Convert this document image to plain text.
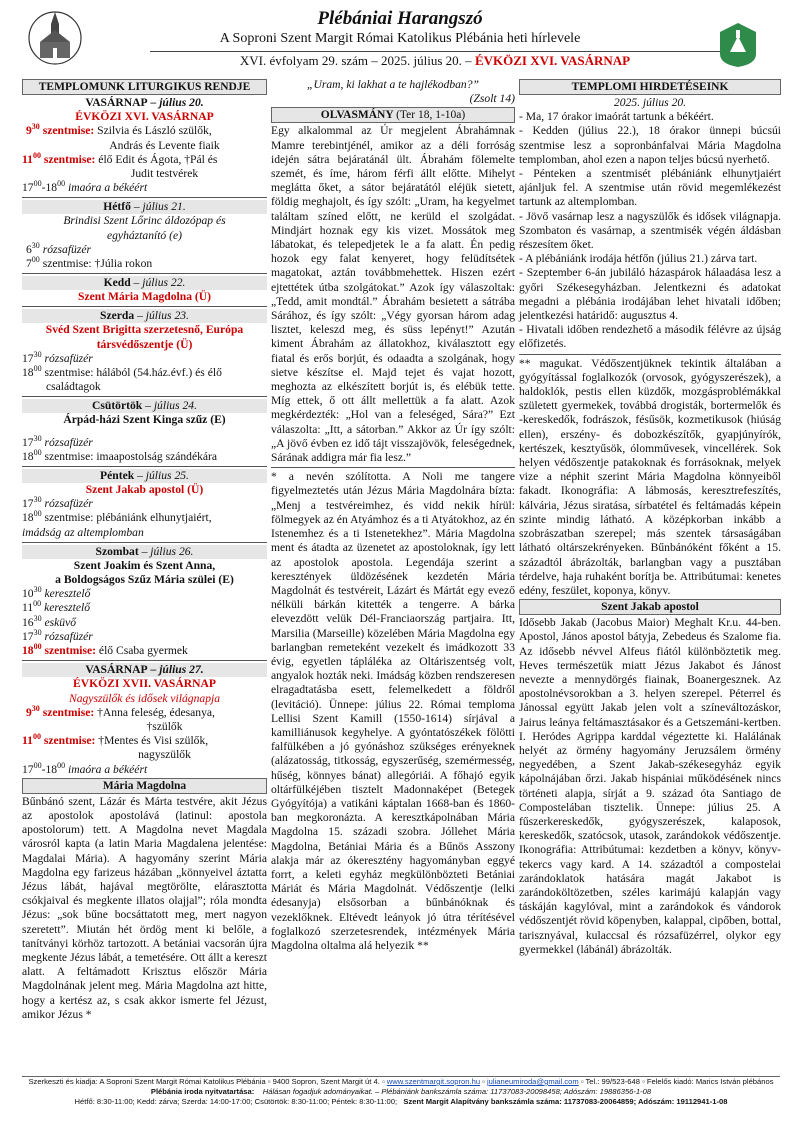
Plébániai Harangszó
A Soproni Szent Margit Római Katolikus Plébánia heti hírlevele
XVI. évfolyam 29. szám – 2025. július 20. – ÉVKÖZI XVI. VASÁRNAP
TEMPLOMUNK LITURGIKUS RENDJE
VASÁRNAP – július 20.
ÉVKÖZI XVI. VASÁRNAP
$9^{30}$ szentmise: Szilvia és László szülők,
András és Levente fiaik
$11^{00}$ szentmise: élő Edit és Ágota, †Pál és
Judit testvérek
$17^{00}-18^{00}$ imaóra a békéért
Hétfő – július 21.
Brindisi Szent Lőrinc áldozópap és egyháztanító (e)
$6^{30}$ rózsafüzér
$7^{00}$ szentmise: †Júlia rokon
Kedd – július 22.
Szent Mária Magdolna (Ü)
Szerda – július 23.
Svéd Szent Brigitta szerzetesnő, Európa társvédőszentje (Ü)
$17^{30}$ rózsafüzér
$18^{00}$ szentmise: hálából (54.ház.évf.) és élő
családtagok
Csütörtök – július 24.
Árpád-házi Szent Kinga szűz (E)
$17^{30}$ rózsafüzér
$18^{00}$ szentmise: imaapostolság szándékára
Péntek – július 25.
Szent Jakab apostol (Ü)
$17^{30}$ rózsafüzér
$18^{00}$ szentmise: plébániánk elhunytjaiért,
imádság az altemplomban
Szombat – július 26.
Szent Joakim és Szent Anna,
a Boldogságos Szűz Mária szülei (E)
$10^{30}$ keresztelő
$11^{00}$ keresztelő
$16^{30}$ esküvő
$17^{30}$ rózsafüzér
$18^{00}$ szentmise: élő Csaba gyermek
VASÁRNAP – július 27.
ÉVKÖZI XVII. VASÁRNAP
Nagyszülők és idősek világnapja
$9^{30}$ szentmise: †Anna feleség, édesanya,
†szülők
$11^{00}$ szentmise: †Mentes és Visi szülők,
nagyszülők
$17^{00}-18^{00}$ imaóra a békéért
Mária Magdolna

Bűnbánó szent, Lázár és Márta testvére, akit Jézus az apostolok apostolává (latinul: apostola apostolorum) tett. A Magdolna nevet Magdala városról kapta (a latin Maria Magdalena jelentése: Magdalai Mária). A hagyomány szerint Mária Magdolna egy farizeus házában „könnyeivel áztatta Jézus lábát, hajával megtörölte, elárasztotta csókjaival és megkente illatos olajjal”; róla mondta Jézus: „sok bűne bocsáttatott meg, mert nagyon szeretett”. Miután hét ördög ment ki belőle, a tanítványi körhöz tartozott. A betániai vacsorán újra megkente Jézus lábát, a temetésére. Ott állt a kereszt alatt. A feltámadott Krisztus először Mária Magdolnának jelent meg. Mária Magdolna azt hitte, hogy a kertész az, s csak akkor ismerte fel Jézust, amikor Jézus *

„Uram, ki lakhat a te hajlékodban?”
(Zsolt 14)
OLVASMÁNY (Ter 18, 1-10a)

Egy alkalommal az Úr megjelent Ábrahámnak Mamre terebintjénél, amikor az a déli forróság idején sátra bejáratánál ült. Ábrahám fölemelte szemét, és íme, három férfi állt előtte. Mihelyt meglátta őket, a sátor bejáratától eléjük sietett, földig meghajolt, és így szólt: „Uram, ha kegyelmet találtam színed előtt, ne kerüld el szolgádat. Mindjárt hoznak egy kis vizet. Mossátok meg lábatokat, és telepedjetek le a fa alatt. Én pedig hozok egy falat kenyeret, hogy felüdítsétek magatokat, aztán továbbmehettek. Hiszen ezért ejtettétek útba szolgátokat.” Azok így válaszoltak: „Tedd, amit mondtál.” Ábrahám besietett a sátrába Sárához, és így szólt: „Végy gyorsan három adag lisztet, keleszd meg, és süss lepényt!” Azután kiment Ábrahám az állatokhoz, kiválasztott egy fiatal és erős borjút, és odaadta a szolgának, hogy sietve készítse el. Majd tejet és vajat hozott, meghozta az elkészített borjút is, és elébük tette. Míg ettek, ő ott állt mellettük a fa alatt. Azok megkérdezték: „Hol van a feleséged, Sára?” Ezt válaszolta: „Itt, a sátorban.” Akkor az Úr így szólt: „A jövő évben ez idő tájt visszajövök, feleségednek, Sárának addigra már fia lesz.”

* a nevén szólította. A Noli me tangere figyelmeztetés után Jézus Mária Magdolnára bízta: „Menj a testvéreimhez, és vidd nekik hírül: fölmegyek az én Atyámhoz és a ti Atyátokhoz, az én Istenemhez és a ti Istenetekhez”. Mária Magdolna ment és átadta az üzenetet az apostoloknak, így lett az apostolok apostola. Legendája szerint a keresztények üldözésének kezdetén Mária Magdolnát és testvéreit, Lázárt és Mártát egy evező nélküli bárkán kitették a tengerre. A bárka elevezdött velük Dél-Franciaország partjaira. Itt, Marsilia (Marseille) közelében Mária Magdolna egy barlangban remeteként vezekelt és imádkozott 33 évig, egyetlen tápláléka az Oltáriszentség volt, angyalok hozták neki. Imádság közben rendszeresen elragadtatásba esett, felemelkedett a földről (levitáció). Ünnepe: július 22. Római temploma Lellisi Szent Kamill (1550-1614) sírjával a kamilliánusok kegyhelye. A gyóntatószékek fölötti falfülkében a jó gyónáshoz szükséges erényeknek (alázatosság, titkosság, egyszerűség, szemérmesség, hűség, könnyes bánat) allegóriái. A főhajó egyik oltárfülkéjében tisztelt Madonnaképet (Betegek Gyógyítója) a vatikáni káptalan 1668-ban és 1860-ban megkoronázta. A keresztkápolnában Mária Magdolna 15. századi szobra. Jóllehet Mária Magdolna, Betániai Mária és a Bűnös Asszony alakja már az ókeresztény hagyományban eggyé forrt, a keleti egyház megkülönbözteti Betániai Máriát és Mária Magdolnát. Védőszentje (lelki édesanyja) elsősorban a bűnbánóknak és vezeklőknek. Eltévedt leányok jó útra térítésével foglalkozó szerzetesrendek, intézmények Mária Magdolna oltalma alá helyezik **

TEMPLOMI HIRDETÉSEINK
2025. július 20.

- Ma, 17 órakor imaórát tartunk a békéért.

- Kedden (július 22.), 18 órakor ünnepi búcsúi szentmise lesz a sopronbánfalvai Mária Magdolna templomban, ahol ezen a napon teljes búcsú nyerhető.

- Pénteken a szentmisét plébániánk elhunytjaiért ajánljuk fel. A szentmise után rövid megemlékezést tartunk az altemplomban.

- Jövő vasárnap lesz a nagyszülők és idősek világnapja. Szombaton és vasárnap, a szentmisék végén áldásban részesítem őket.

- A plébániánk irodája hétfőn (július 21.) zárva tart.

- Szeptember 6-án jubiláló házaspárok hálaadása lesz a győri Székesegyházban. Jelentkezni és adatokat megadni a plébánia irodájában lehet hivatali időben; jelentkezési határidő: augusztus 4.

- Hivatali időben rendezhető a második félévre az újság előfizetés.

** magukat. Védőszentjüknek tekintik általában a gyógyítással foglalkozók (orvosok, gyógyszerészek), a haldoklók, pestis ellen küzdők, mozgásproblémákkal született gyermekek, továbbá drogisták, bortermelők és -kereskedők, fodrászok, fésűsök, kozmetikusok (hiúság ellen), erszény- és dobozkészítők, gyapjúnyírók, kertészek, kesztyűsök, ólomművesek, vincellérek. Sok helyen védőszentje patakoknak és forrásoknak, melyek vize a néphit szerint Mária Magdolna könnyeiből fakadt. Ikonográfia: A lábmosás, keresztrefeszítés, kálvária, Jézus siratása, sírbatétel és feltámadás képein szinte mindig látható. A középkorban inkább a szobrászatban szerepel; más szentek társaságában látható oltárszekrényeken. Bűnbánóként főként a 15. századtól ábrázolták, barlangban vagy a pusztában térdelve, haja ruhaként borítja be. Attribútumai: kenetes edény, feszület, koponya, könyv.

Szent Jakab apostol

Idősebb Jakab (Jacobus Maior) Meghalt Kr.u. 44-ben. Apostol, János apostol bátyja, Zebedeus és Szalome fia. Az idősebb névvel Alfeus fiától különböztetik meg. Heves természetük miatt Jézus Jakabot és Jánost nevezte a mennydörgés fiainak, Boanergesznek. Az apostolnévsorokban a 3. helyen szerepel. Péterrel és Jánossal együtt Jakab jelen volt a színeváltozáskor, Jairus leánya feltámasztásakor és a Getszemáni-kertben. I. Heródes Agrippa karddal végeztette ki. Halálának helyét az örmény hagyomány Jeruzsálem örmény negyedében, a Szent Jakab-székesegyház egyik kápolnájában őrzi. Jakab hispániai működésének nincs történeti alapja, sírját a 9. század óta Santiago de Compostelában tisztelik. Ünnepe: július 25. A fűszerkereskedők, gyógyszerészek, kalaposok, kereskedők, szatócsok, utasok, zarándokok védőszentje. Ikonográfia: Attribútumai: kezdetben a könyv, könyv-tekercs vagy kard. A 14. századtól a compostelai zarándoklatok hatására magát Jakabot is zarándoköltözetben, széles karimájú kalapján vagy táskáján kagylóval, mint a zarándokok és vándorok védőszentjét rövid köpenyben, kalappal, cipőben, bottal, tarisznyával, kulaccsal és rózsafüzérrel, olykor egy gyermekkel (lábánál) ábrázolták.

Szerkeszti és kiadja: A Soproni Szent Margit Római Katolikus Plébánia ▫ 9400 Sopron, Szent Margit út 4. ▫ www.szentmargit.sopron.hu ▫ julianeumiroda@gmail.com ▫ Tel.: 99/523-648 ▫ Felelős kiadó: Marics István plébános
Plébánia iroda nyitvatartása: Hálásan fogadjuk adományaikat. – Plébániánk bankszámla száma: 11737083-20098458; Adószám: 19886356-1-08
Hétfő: 8:30-11:00; Kedd: zárva; Szerda: 14:00-17:00; Csütörtök: 8:30-11:00; Péntek: 8:30-11:00; Szent Margit Alapítvány bankszámla száma: 11737083-20064859; Adószám: 19112941-1-08
